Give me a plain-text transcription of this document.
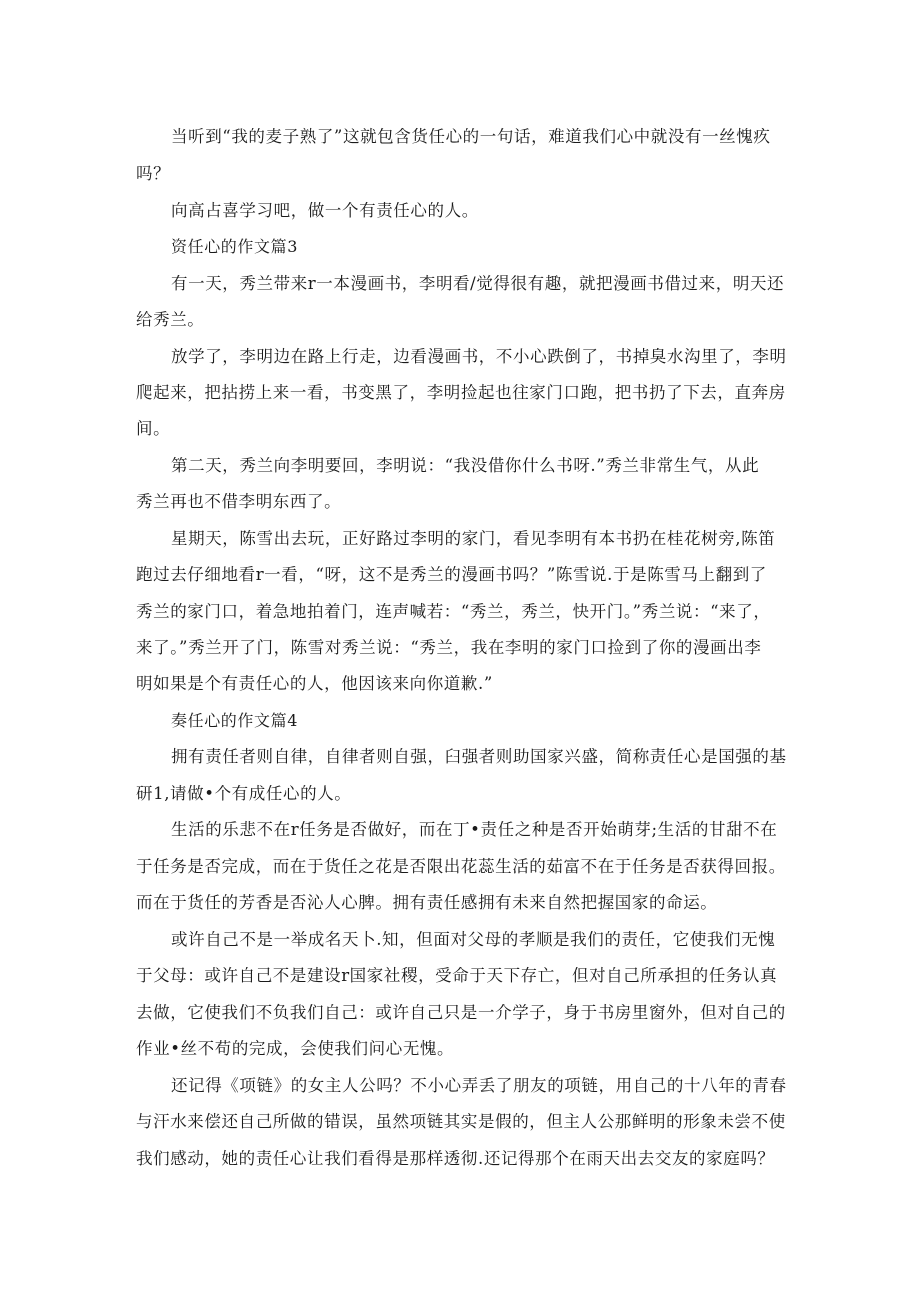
当听到“我的麦子熟了”这就包含货任心的一句话，难道我们心中就没有一丝愧疚
吗？
向高占喜学习吧，做一个有责任心的人。
资任心的作文篇3
有一天，秀兰带来r一本漫画书，李明看/觉得很有趣，就把漫画书借过来，明天还
给秀兰。
放学了，李明边在路上行走，边看漫画书，不小心跌倒了，书掉臭水沟里了，李明
爬起来，把拈捞上来一看，书变黑了，李明捡起也往家门口跑，把书扔了下去，直奔房
间。
第二天，秀兰向李明要回，李明说：“我没借你什么书呀.”秀兰非常生气，从此
秀兰再也不借李明东西了。
星期天，陈雪出去玩，正好路过李明的家门，看见李明有本书扔在桂花树旁,陈笛
跑过去仔细地看r一看，“呀，这不是秀兰的漫画书吗？”陈雪说.于是陈雪马上翻到了
秀兰的家门口，着急地拍着门，连声喊若：“秀兰，秀兰，快开门。”秀兰说：“来了，
来了。”秀兰开了门，陈雪对秀兰说：“秀兰，我在李明的家门口捡到了你的漫画出李
明如果是个有责任心的人，他因该来向你道歉.”
奏任心的作文篇4
拥有责任者则自律，自律者则自强，臼强者则助国家兴盛，简称责任心是国强的基
研1,请做•个有成任心的人。
生活的乐悲不在r任务是否做好，而在丁•责任之种是否开始萌芽;生活的甘甜不在
于任务是否完成，而在于货任之花是否限出花蕊生活的茹富不在于任务是否获得回报。
而在于货任的芳香是否沁人心脾。拥有责任感拥有未来自然把握国家的命运。
或许自己不是一举成名天卜.知，但面对父母的孝顺是我们的责任，它使我们无愧
于父母：或许自己不是建设r国家社稷，受命于天下存亡，但对自己所承担的任务认真
去做，它使我们不负我们自己：或许自己只是一介学子，身于书房里窗外，但对自己的
作业•丝不苟的完成，会使我们问心无愧。
还记得《项链》的女主人公吗？不小心弄丢了朋友的项链，用自己的十八年的青春
与汗水来偿还自己所做的错误，虽然项链其实是假的，但主人公那鲜明的形象未尝不使
我们感动，她的责任心让我们看得是那样透彻.还记得那个在雨天出去交友的家庭吗？
